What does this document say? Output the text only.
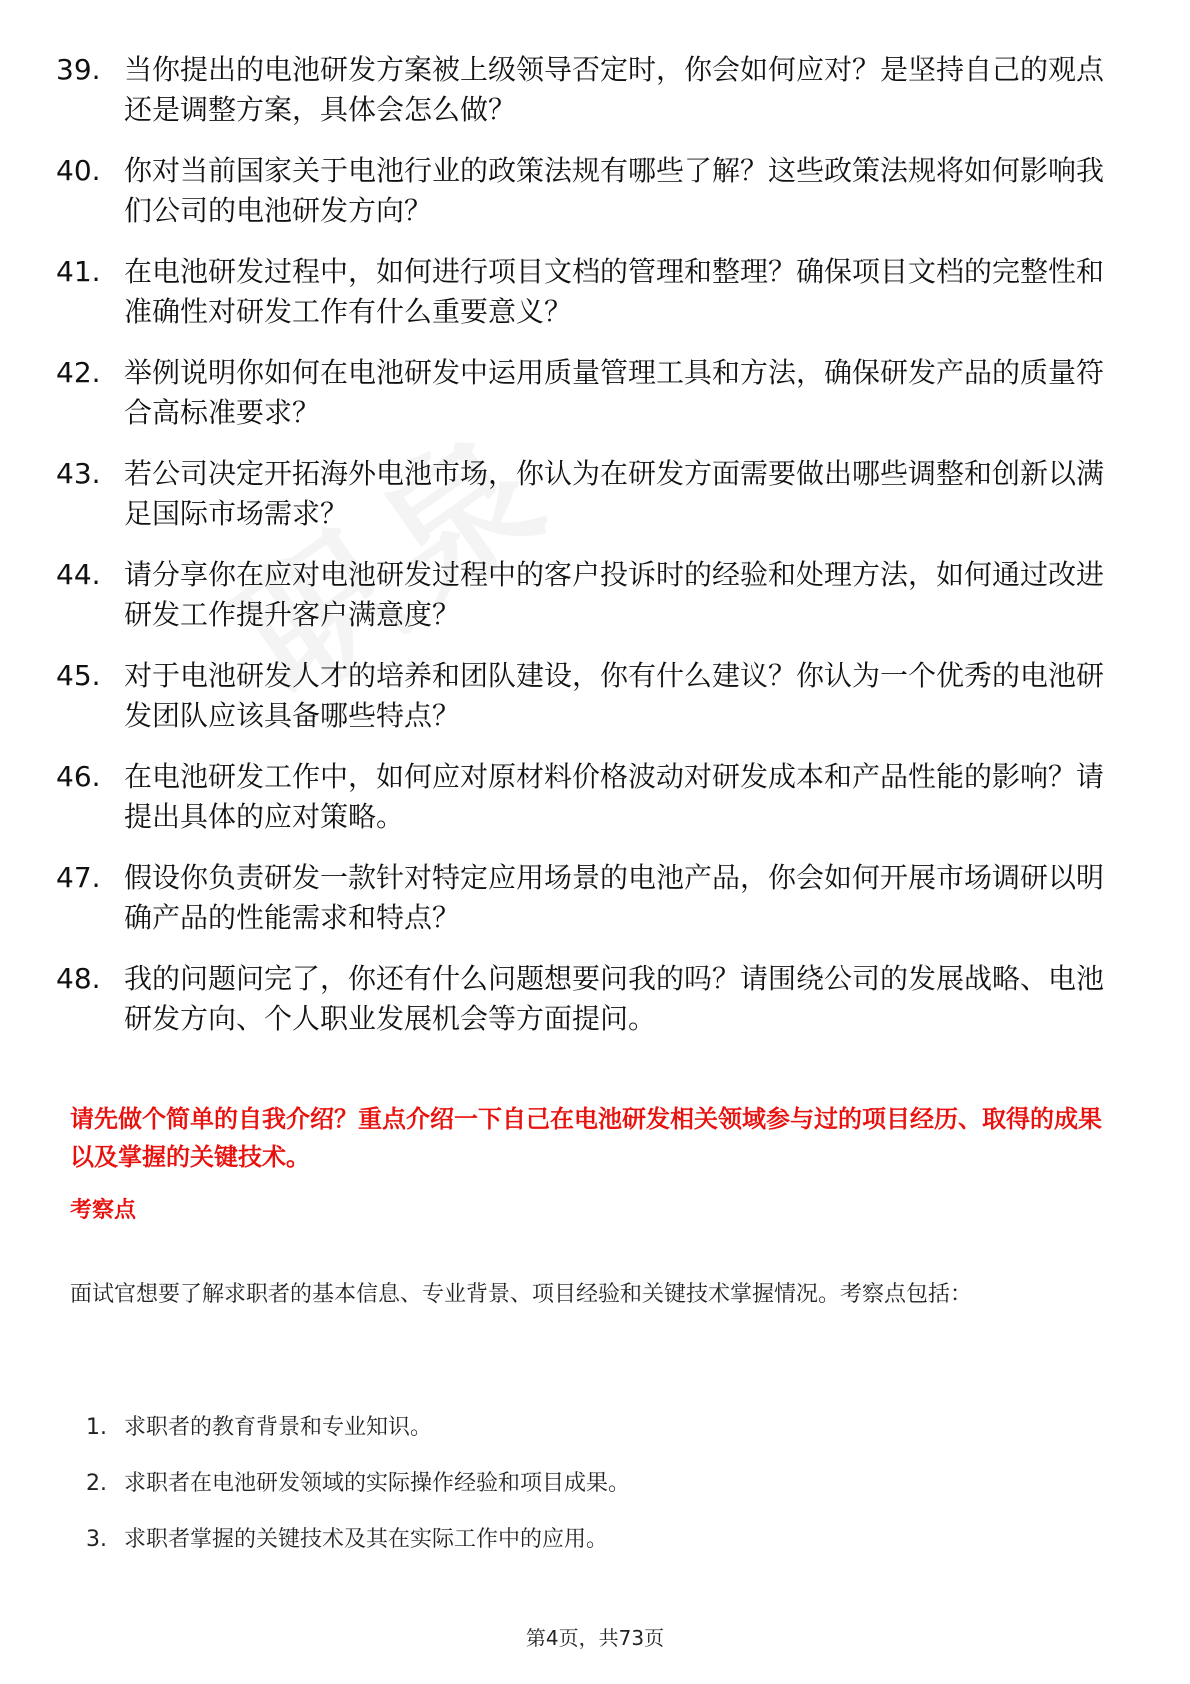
39. 当你提出的电池研发方案被上级领导否定时，你会如何应对？是坚持自己的观点还是调整方案，具体会怎么做？
40. 你对当前国家关于电池行业的政策法规有哪些了解？这些政策法规将如何影响我们公司的电池研发方向？
41. 在电池研发过程中，如何进行项目文档的管理和整理？确保项目文档的完整性和准确性对研发工作有什么重要意义？
42. 举例说明你如何在电池研发中运用质量管理工具和方法，确保研发产品的质量符合高标准要求？
43. 若公司决定开拓海外电池市场，你认为在研发方面需要做出哪些调整和创新以满足国际市场需求？
44. 请分享你在应对电池研发过程中的客户投诉时的经验和处理方法，如何通过改进研发工作提升客户满意度？
45. 对于电池研发人才的培养和团队建设，你有什么建议？你认为一个优秀的电池研发团队应该具备哪些特点？
46. 在电池研发工作中，如何应对原材料价格波动对研发成本和产品性能的影响？请提出具体的应对策略。
47. 假设你负责研发一款针对特定应用场景的电池产品，你会如何开展市场调研以明确产品的性能需求和特点？
48. 我的问题问完了，你还有什么问题想要问我的吗？请围绕公司的发展战略、电池研发方向、个人职业发展机会等方面提问。
请先做个简单的自我介绍？重点介绍一下自己在电池研发相关领域参与过的项目经历、取得的成果以及掌握的关键技术。
考察点
面试官想要了解求职者的基本信息、专业背景、项目经验和关键技术掌握情况。考察点包括：
1. 求职者的教育背景和专业知识。
2. 求职者在电池研发领域的实际操作经验和项目成果。
3. 求职者掌握的关键技术及其在实际工作中的应用。
第4页，共73页
